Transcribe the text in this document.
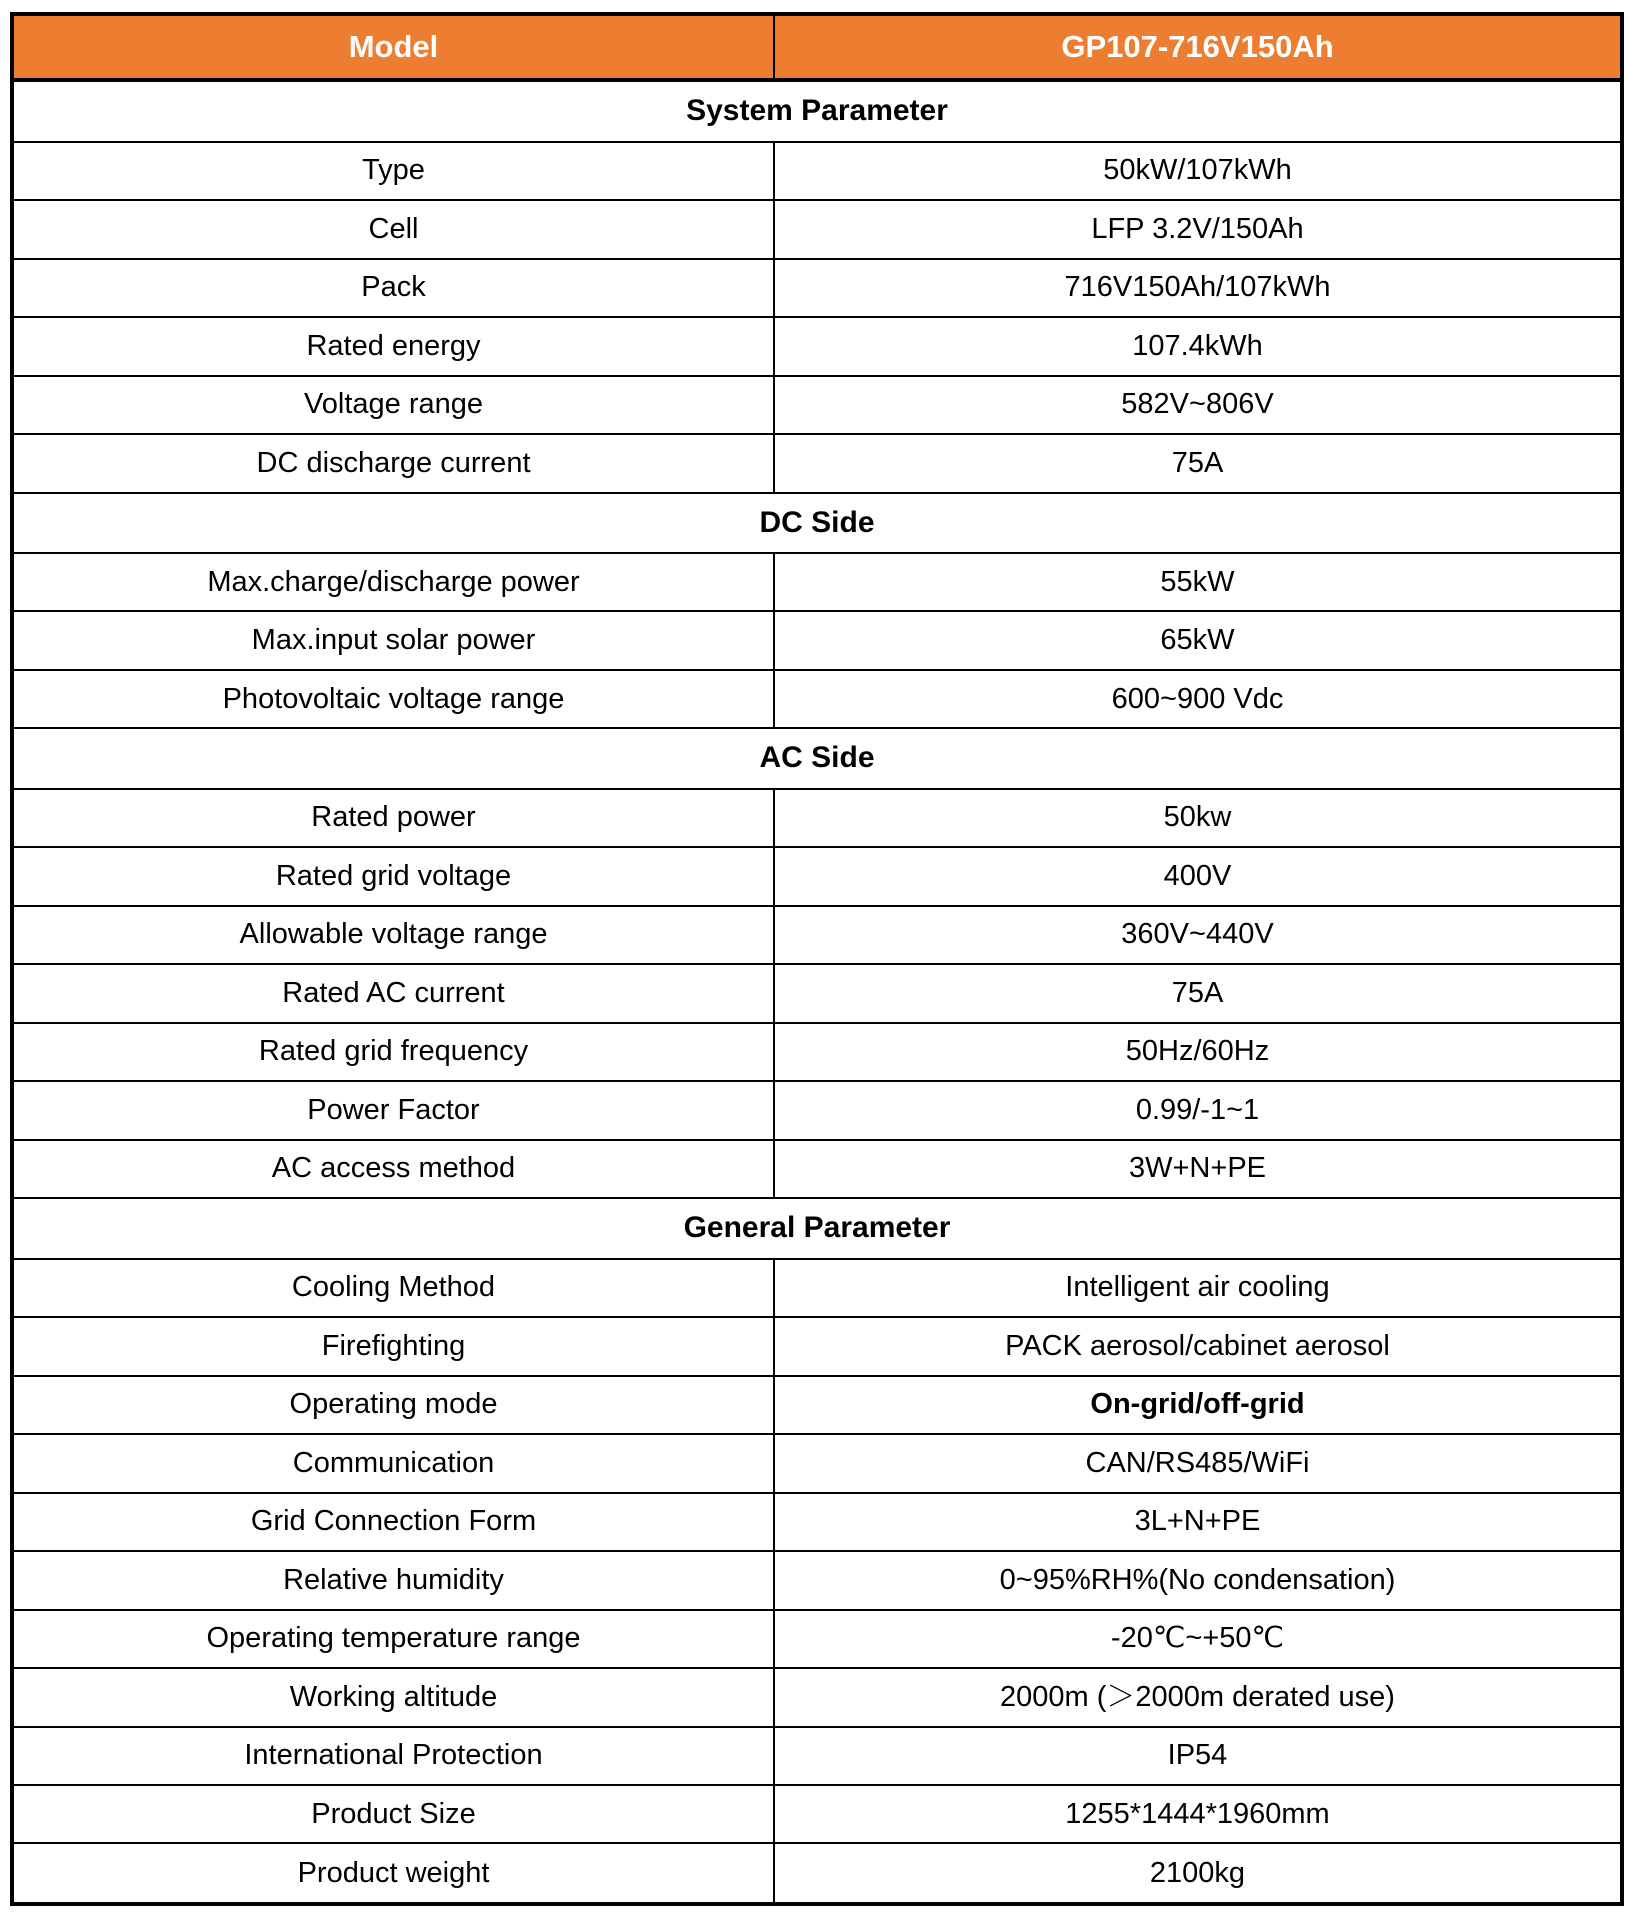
Model	GP107-716V150Ah
System Parameter	
Type	50kW/107kWh
Cell	LFP 3.2V/150Ah
Pack	716V150Ah/107kWh
Rated energy	107.4kWh
Voltage range	582V~806V
DC discharge current	75A
DC Side	
Max.charge/discharge power	55kW
Max.input solar power	65kW
Photovoltaic voltage range	600~900 Vdc
AC Side	
Rated power	50kw
Rated grid voltage	400V
Allowable voltage range	360V~440V
Rated AC current	75A
Rated grid frequency	50Hz/60Hz
Power Factor	0.99/-1~1
AC access method	3W+N+PE
General Parameter	
Cooling Method	Intelligent air cooling
Firefighting	PACK aerosol/cabinet aerosol
Operating mode	On-grid/off-grid
Communication	CAN/RS485/WiFi
Grid Connection Form	3L+N+PE
Relative humidity	0~95%RH%(No condensation)
Operating temperature range	-20℃~+50℃
Working altitude	2000m (＞2000m derated use)
International Protection	IP54
Product Size	1255*1444*1960mm
Product weight	2100kg
